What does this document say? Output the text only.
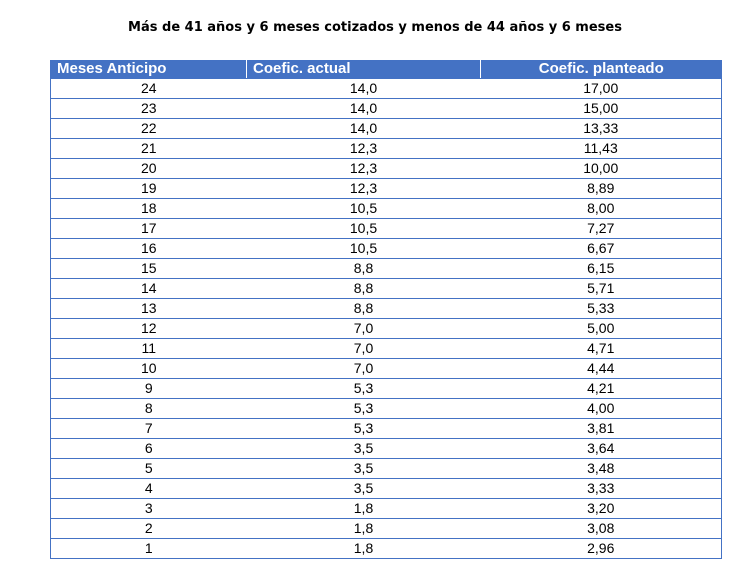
Más de 41 años y 6 meses cotizados y menos de 44 años y 6 meses
Meses Anticipo	Coefic. actual	Coefic. planteado
24	14,0	17,00
23	14,0	15,00
22	14,0	13,33
21	12,3	11,43
20	12,3	10,00
19	12,3	8,89
18	10,5	8,00
17	10,5	7,27
16	10,5	6,67
15	8,8	6,15
14	8,8	5,71
13	8,8	5,33
12	7,0	5,00
11	7,0	4,71
10	7,0	4,44
9	5,3	4,21
8	5,3	4,00
7	5,3	3,81
6	3,5	3,64
5	3,5	3,48
4	3,5	3,33
3	1,8	3,20
2	1,8	3,08
1	1,8	2,96
